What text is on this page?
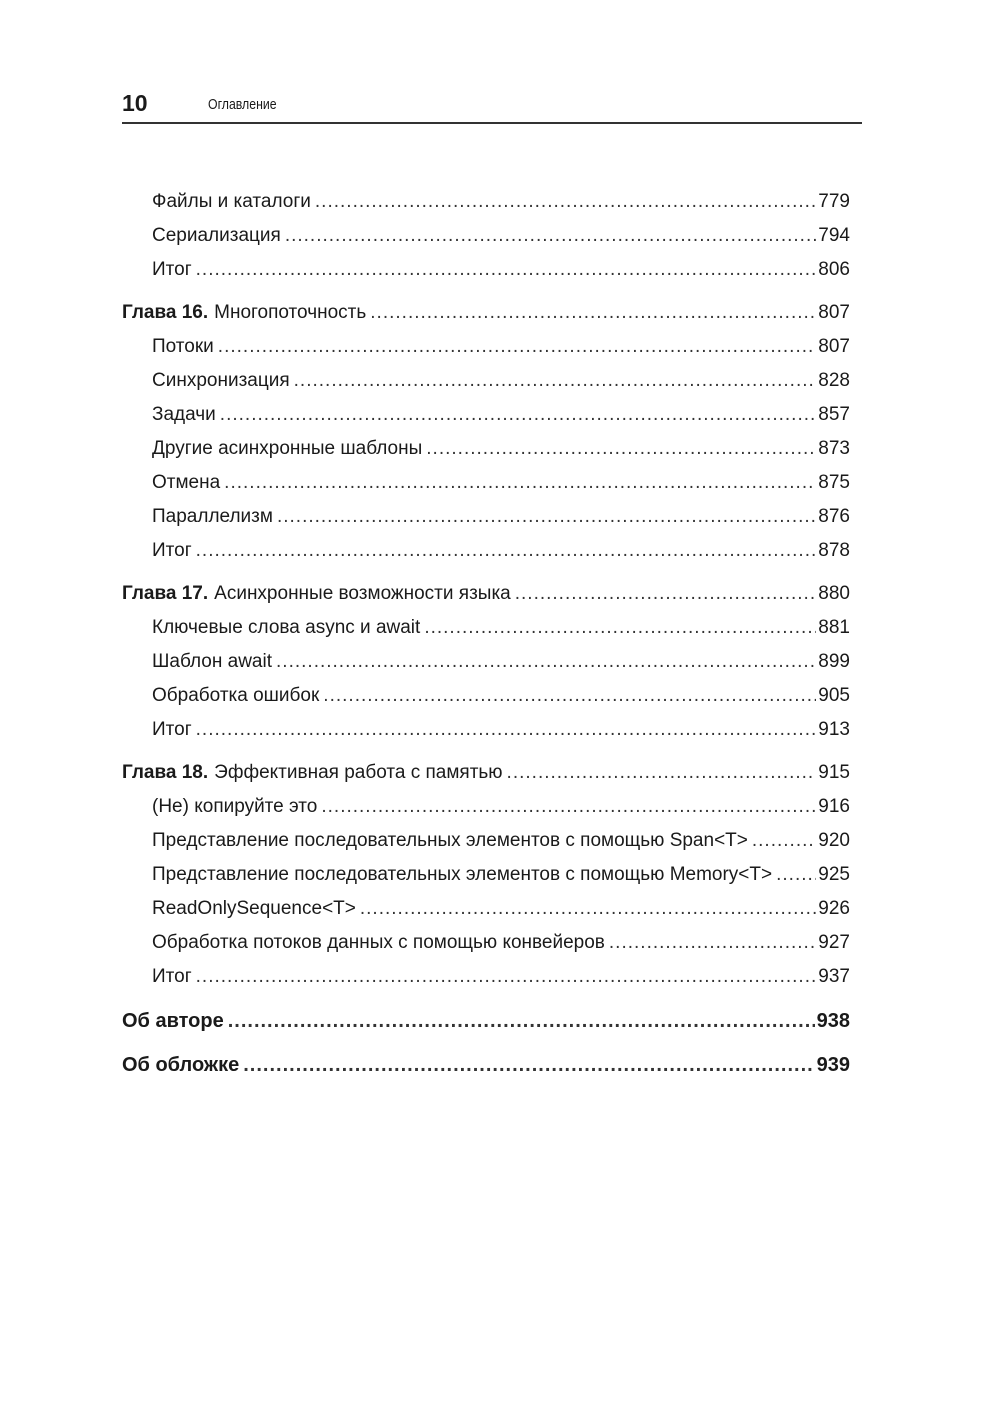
10	Оглавление
Файлы и каталоги .....	779
Сериализация .....	794
Итог .....	806
Глава 16. Многопоточность .....	807
Потоки .....	807
Синхронизация .....	828
Задачи .....	857
Другие асинхронные шаблоны .....	873
Отмена .....	875
Параллелизм .....	876
Итог .....	878
Глава 17. Асинхронные возможности языка .....	880
Ключевые слова async и await .....	881
Шаблон await .....	899
Обработка ошибок .....	905
Итог .....	913
Глава 18. Эффективная работа с памятью .....	915
(Не) копируйте это .....	916
Представление последовательных элементов с помощью Span<T> .....	920
Представление последовательных элементов с помощью Memory<T> ..... 925
ReadOnlySequence<T> .....	926
Обработка потоков данных с помощью конвейеров .....	927
Итог .....	937
Об авторе .....	938
Об обложке .....	939
